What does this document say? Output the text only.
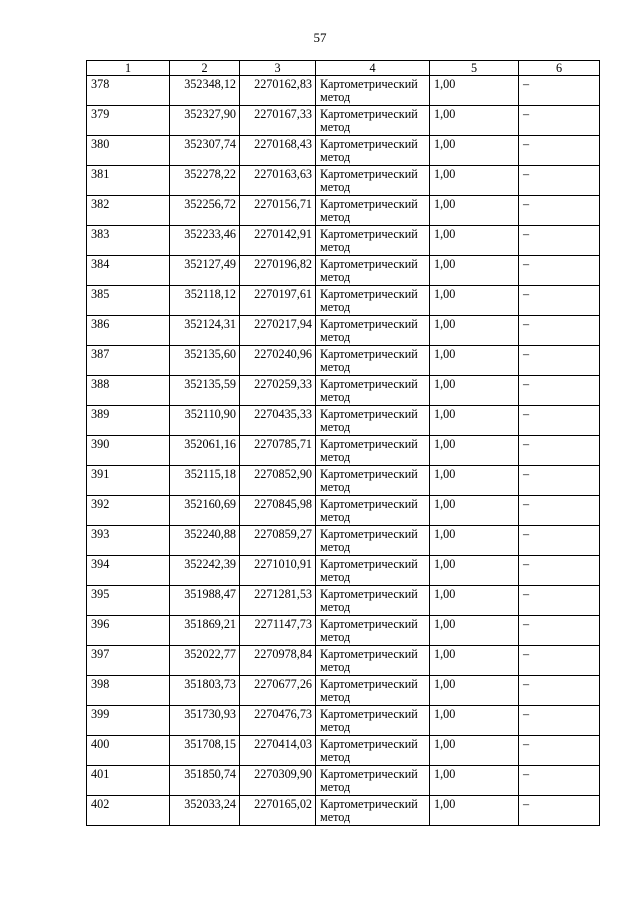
57
1	2	3	4	5	6
378	352348,12	2270162,83	Картометрический метод	1,00	–
379	352327,90	2270167,33	Картометрический метод	1,00	–
380	352307,74	2270168,43	Картометрический метод	1,00	–
381	352278,22	2270163,63	Картометрический метод	1,00	–
382	352256,72	2270156,71	Картометрический метод	1,00	–
383	352233,46	2270142,91	Картометрический метод	1,00	–
384	352127,49	2270196,82	Картометрический метод	1,00	–
385	352118,12	2270197,61	Картометрический метод	1,00	–
386	352124,31	2270217,94	Картометрический метод	1,00	–
387	352135,60	2270240,96	Картометрический метод	1,00	–
388	352135,59	2270259,33	Картометрический метод	1,00	–
389	352110,90	2270435,33	Картометрический метод	1,00	–
390	352061,16	2270785,71	Картометрический метод	1,00	–
391	352115,18	2270852,90	Картометрический метод	1,00	–
392	352160,69	2270845,98	Картометрический метод	1,00	–
393	352240,88	2270859,27	Картометрический метод	1,00	–
394	352242,39	2271010,91	Картометрический метод	1,00	–
395	351988,47	2271281,53	Картометрический метод	1,00	–
396	351869,21	2271147,73	Картометрический метод	1,00	–
397	352022,77	2270978,84	Картометрический метод	1,00	–
398	351803,73	2270677,26	Картометрический метод	1,00	–
399	351730,93	2270476,73	Картометрический метод	1,00	–
400	351708,15	2270414,03	Картометрический метод	1,00	–
401	351850,74	2270309,90	Картометрический метод	1,00	–
402	352033,24	2270165,02	Картометрический метод	1,00	–
